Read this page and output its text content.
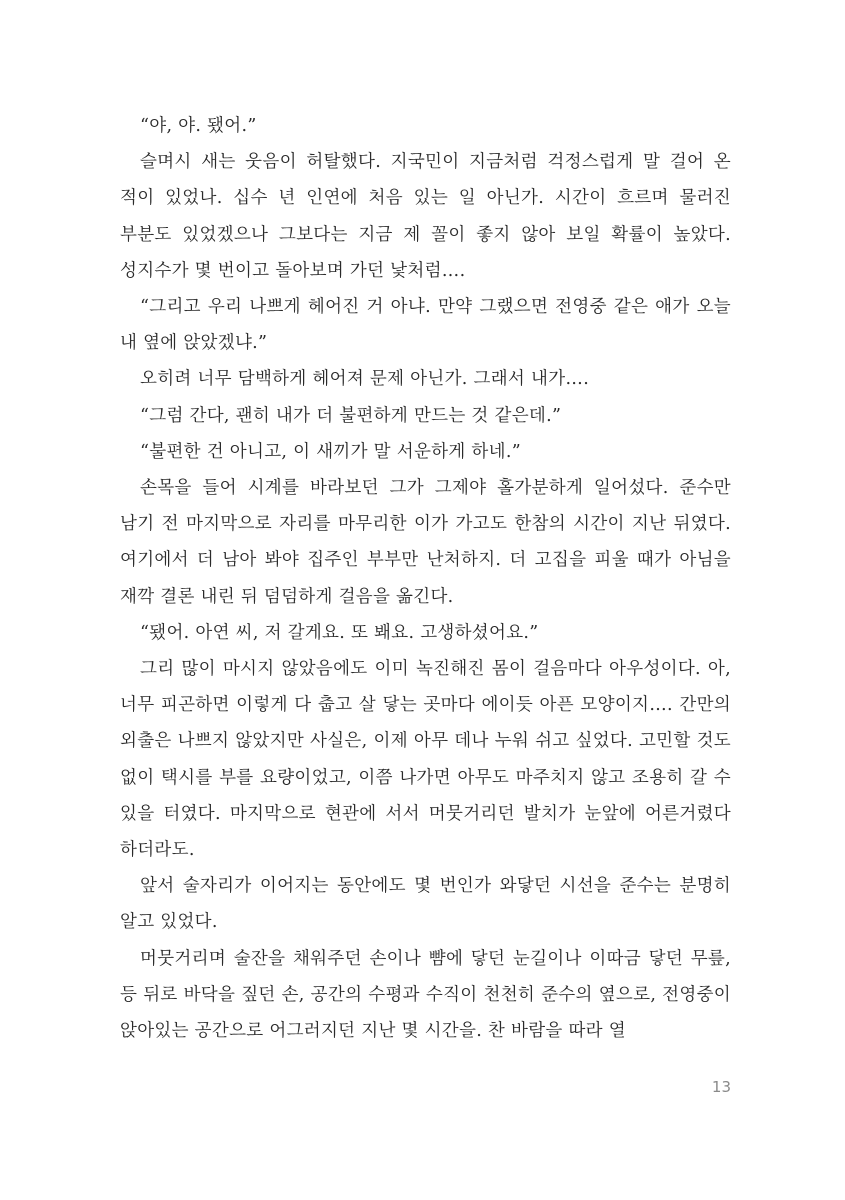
“야, 야. 됐어.”

슬며시 새는 웃음이 허탈했다. 지국민이 지금처럼 걱정스럽게 말 걸어 온 적이 있었나. 십수 년 인연에 처음 있는 일 아닌가. 시간이 흐르며 물러진 부분도 있었겠으나 그보다는 지금 제 꼴이 좋지 않아 보일 확률이 높았다. 성지수가 몇 번이고 돌아보며 가던 낯처럼….

“그리고 우리 나쁘게 헤어진 거 아냐. 만약 그랬으면 전영중 같은 애가 오늘 내 옆에 앉았겠냐.”

오히려 너무 담백하게 헤어져 문제 아닌가. 그래서 내가….

“그럼 간다, 괜히 내가 더 불편하게 만드는 것 같은데.”

“불편한 건 아니고, 이 새끼가 말 서운하게 하네.”

손목을 들어 시계를 바라보던 그가 그제야 홀가분하게 일어섰다. 준수만 남기 전 마지막으로 자리를 마무리한 이가 가고도 한참의 시간이 지난 뒤였다. 여기에서 더 남아 봐야 집주인 부부만 난처하지. 더 고집을 피울 때가 아님을 재깍 결론 내린 뒤 덤덤하게 걸음을 옮긴다.

“됐어. 아연 씨, 저 갈게요. 또 봬요. 고생하셨어요.”

그리 많이 마시지 않았음에도 이미 녹진해진 몸이 걸음마다 아우성이다. 아, 너무 피곤하면 이렇게 다 춥고 살 닿는 곳마다 에이듯 아픈 모양이지…. 간만의 외출은 나쁘지 않았지만 사실은, 이제 아무 데나 누워 쉬고 싶었다. 고민할 것도 없이 택시를 부를 요량이었고, 이쯤 나가면 아무도 마주치지 않고 조용히 갈 수 있을 터였다. 마지막으로 현관에 서서 머뭇거리던 발치가 눈앞에 어른거렸다 하더라도.

앞서 술자리가 이어지는 동안에도 몇 번인가 와닿던 시선을 준수는 분명히 알고 있었다.

머뭇거리며 술잔을 채워주던 손이나 뺨에 닿던 눈길이나 이따금 닿던 무릎, 등 뒤로 바닥을 짚던 손, 공간의 수평과 수직이 천천히 준수의 옆으로, 전영중이 앉아있는 공간으로 어그러지던 지난 몇 시간을. 찬 바람을 따라 열

13
